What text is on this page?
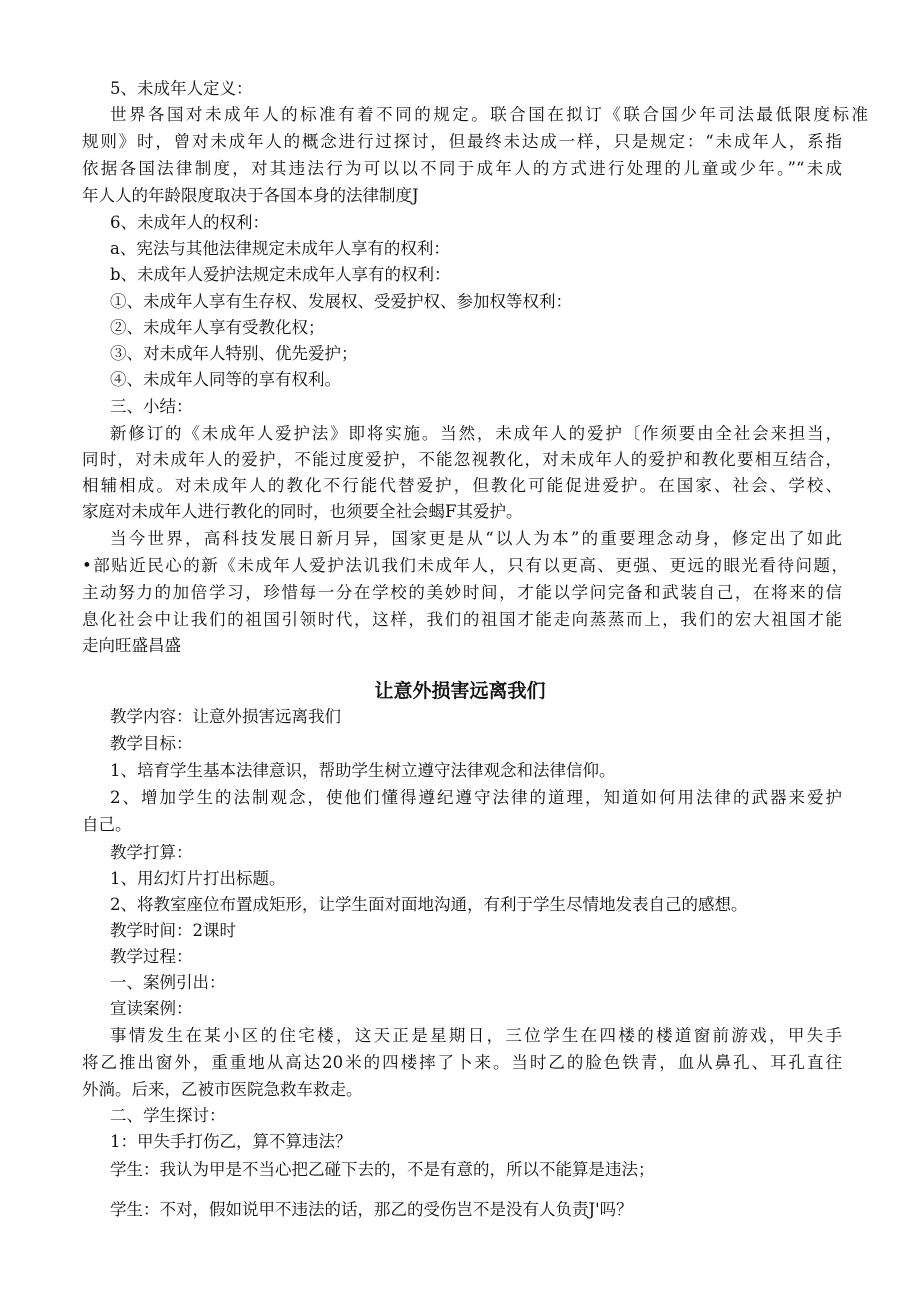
5、未成年人定义：
世界各国对未成年人的标准有着不同的规定。联合国在拟订《联合国少年司法最低限度标准
规则》时，曾对未成年人的概念进行过探讨，但最终未达成一样，只是规定：“未成年人，系指
依据各国法律制度，对其违法行为可以以不同于成年人的方式进行处理的儿童或少年。”“未成
年人人的年龄限度取决于各国本身的法律制度J
6、未成年人的权利：
a、宪法与其他法律规定未成年人享有的权利：
b、未成年人爱护法规定未成年人享有的权利：
①、未成年人享有生存权、发展权、受爱护权、参加权等权利：
②、未成年人享有受教化权；
③、对未成年人特别、优先爱护；
④、未成年人同等的享有权利。
三、小结：
新修订的《未成年人爱护法》即将实施。当然，未成年人的爱护〔作须要由全社会来担当，
同时，对未成年人的爱护，不能过度爱护，不能忽视教化，对未成年人的爱护和教化要相互结合，
相辅相成。对未成年人的教化不行能代替爱护，但教化可能促进爱护。在国家、社会、学校、
家庭对未成年人进行教化的同时，也须要全社会蝎F其爱护。
当今世界，高科技发展日新月异，国家更是从“以人为本”的重要理念动身，修定出了如此
•部贴近民心的新《未成年人爱护法讥我们未成年人，只有以更高、更强、更远的眼光看待问题，
主动努力的加倍学习，珍惜每一分在学校的美妙时间，才能以学问完备和武装自己，在将来的信
息化社会中让我们的祖国引领时代，这样，我们的祖国才能走向蒸蒸而上，我们的宏大祖国才能
走向旺盛昌盛
让意外损害远离我们
教学内容：让意外损害远离我们
教学目标：
1、培育学生基本法律意识，帮助学生树立遵守法律观念和法律信仰。
2、增加学生的法制观念，使他们懂得遵纪遵守法律的道理，知道如何用法律的武器来爱护
自己。
教学打算：
1、用幻灯片打出标题。
2、将教室座位布置成矩形，让学生面对面地沟通，有利于学生尽情地发表自己的感想。
教学时间：2课时
教学过程：
一、案例引出：
宣读案例：
事情发生在某小区的住宅楼，这天正是星期日，三位学生在四楼的楼道窗前游戏，甲失手
将乙推出窗外，重重地从高达20米的四楼摔了卜来。当时乙的脸色铁青，血从鼻孔、耳孔直往
外淌。后来，乙被市医院急救车救走。
二、学生探讨：
1：甲失手打伤乙，算不算违法？
学生：我认为甲是不当心把乙碰下去的，不是有意的，所以不能算是违法；
学生：不对，假如说甲不违法的话，那乙的受伤岂不是没有人负责J'吗？
